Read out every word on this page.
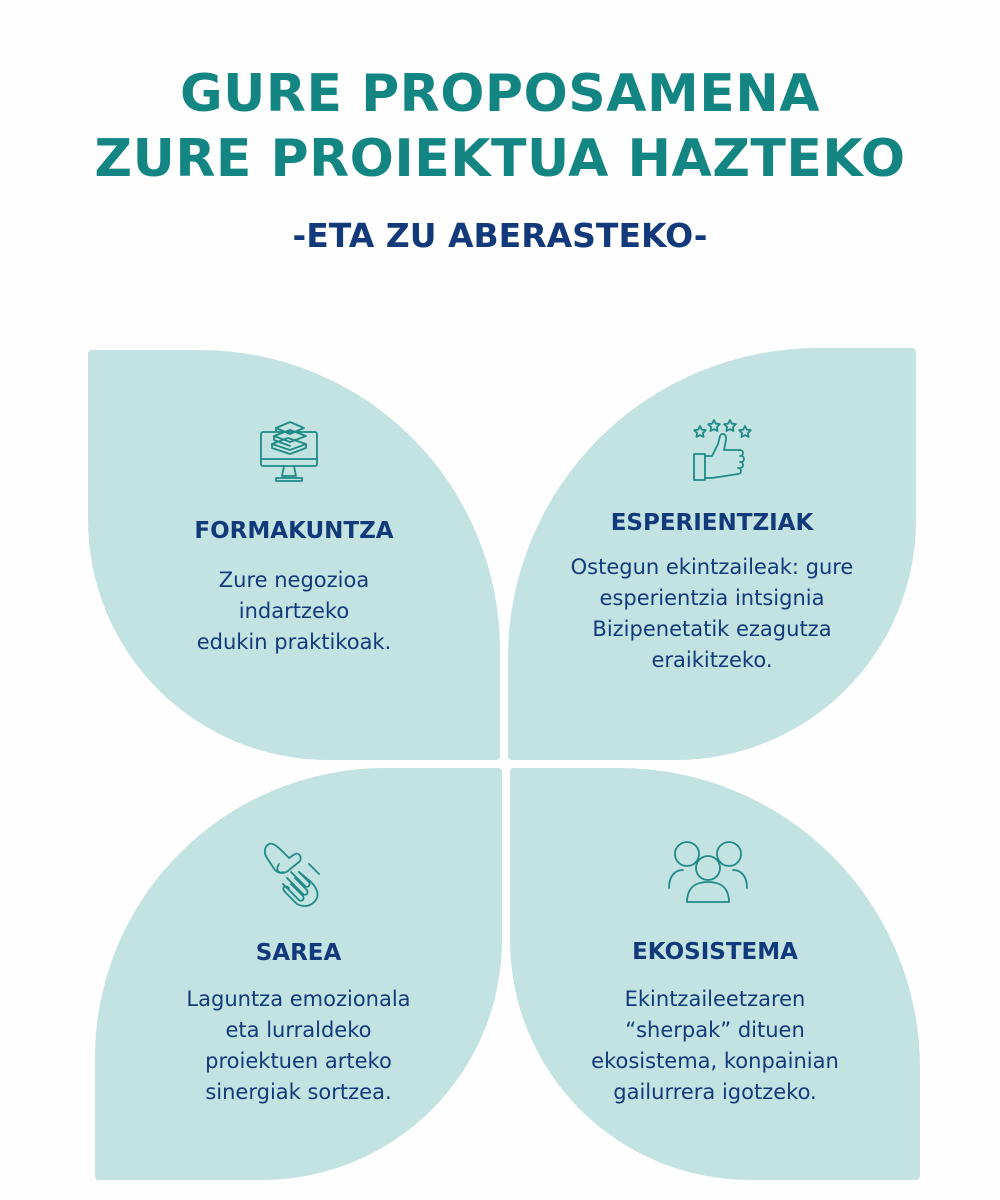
GURE PROPOSAMENA
ZURE PROIEKTUA HAZTEKO
-ETA ZU ABERASTEKO-
FORMAKUNTZA

Zure negozioa
indartzeko
edukin praktikoak.

ESPERIENTZIAK

Ostegun ekintzaileak: gure
esperientzia intsignia
Bizipenetatik ezagutza
eraikitzeko.

SAREA

Laguntza emozionala
eta lurraldeko
proiektuen arteko
sinergiak sortzea.

EKOSISTEMA

Ekintzaileetzaren
“sherpak” dituen
ekosistema, konpainian
gailurrera igotzeko.
